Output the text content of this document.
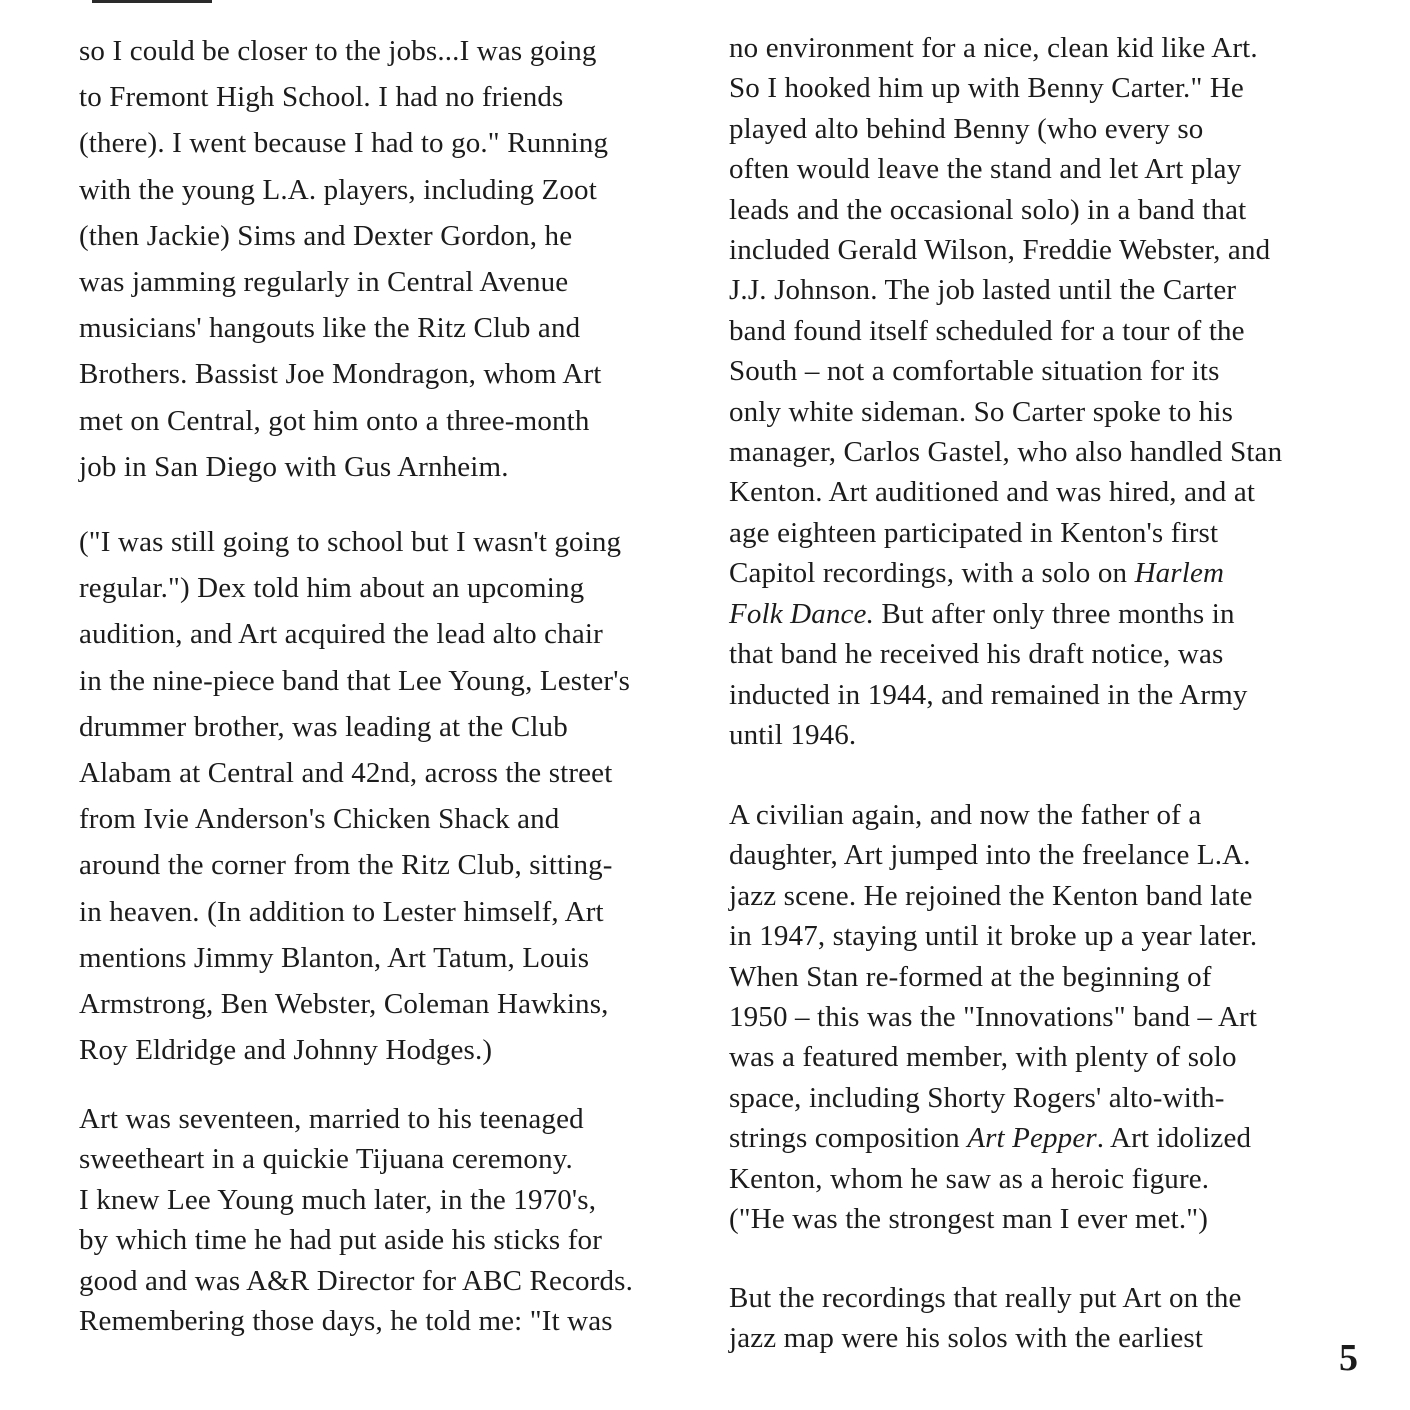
so I could be closer to the jobs...I was going
to Fremont High School. I had no friends
(there). I went because I had to go." Running
with the young L.A. players, including Zoot
(then Jackie) Sims and Dexter Gordon, he
was jamming regularly in Central Avenue
musicians' hangouts like the Ritz Club and
Brothers. Bassist Joe Mondragon, whom Art
met on Central, got him onto a three-month
job in San Diego with Gus Arnheim.
("I was still going to school but I wasn't going
regular.") Dex told him about an upcoming
audition, and Art acquired the lead alto chair
in the nine-piece band that Lee Young, Lester's
drummer brother, was leading at the Club
Alabam at Central and 42nd, across the street
from Ivie Anderson's Chicken Shack and
around the corner from the Ritz Club, sitting-
in heaven. (In addition to Lester himself, Art
mentions Jimmy Blanton, Art Tatum, Louis
Armstrong, Ben Webster, Coleman Hawkins,
Roy Eldridge and Johnny Hodges.)
Art was seventeen, married to his teenaged
sweetheart in a quickie Tijuana ceremony.
I knew Lee Young much later, in the 1970's,
by which time he had put aside his sticks for
good and was A&R Director for ABC Records.
Remembering those days, he told me: "It was
no environment for a nice, clean kid like Art.
So I hooked him up with Benny Carter." He
played alto behind Benny (who every so
often would leave the stand and let Art play
leads and the occasional solo) in a band that
included Gerald Wilson, Freddie Webster, and
J.J. Johnson. The job lasted until the Carter
band found itself scheduled for a tour of the
South – not a comfortable situation for its
only white sideman. So Carter spoke to his
manager, Carlos Gastel, who also handled Stan
Kenton. Art auditioned and was hired, and at
age eighteen participated in Kenton's first
Capitol recordings, with a solo on Harlem
Folk Dance. But after only three months in
that band he received his draft notice, was
inducted in 1944, and remained in the Army
until 1946.
A civilian again, and now the father of a
daughter, Art jumped into the freelance L.A.
jazz scene. He rejoined the Kenton band late
in 1947, staying until it broke up a year later.
When Stan re-formed at the beginning of
1950 – this was the "Innovations" band – Art
was a featured member, with plenty of solo
space, including Shorty Rogers' alto-with-
strings composition Art Pepper. Art idolized
Kenton, whom he saw as a heroic figure.
("He was the strongest man I ever met.")
But the recordings that really put Art on the
jazz map were his solos with the earliest	5
